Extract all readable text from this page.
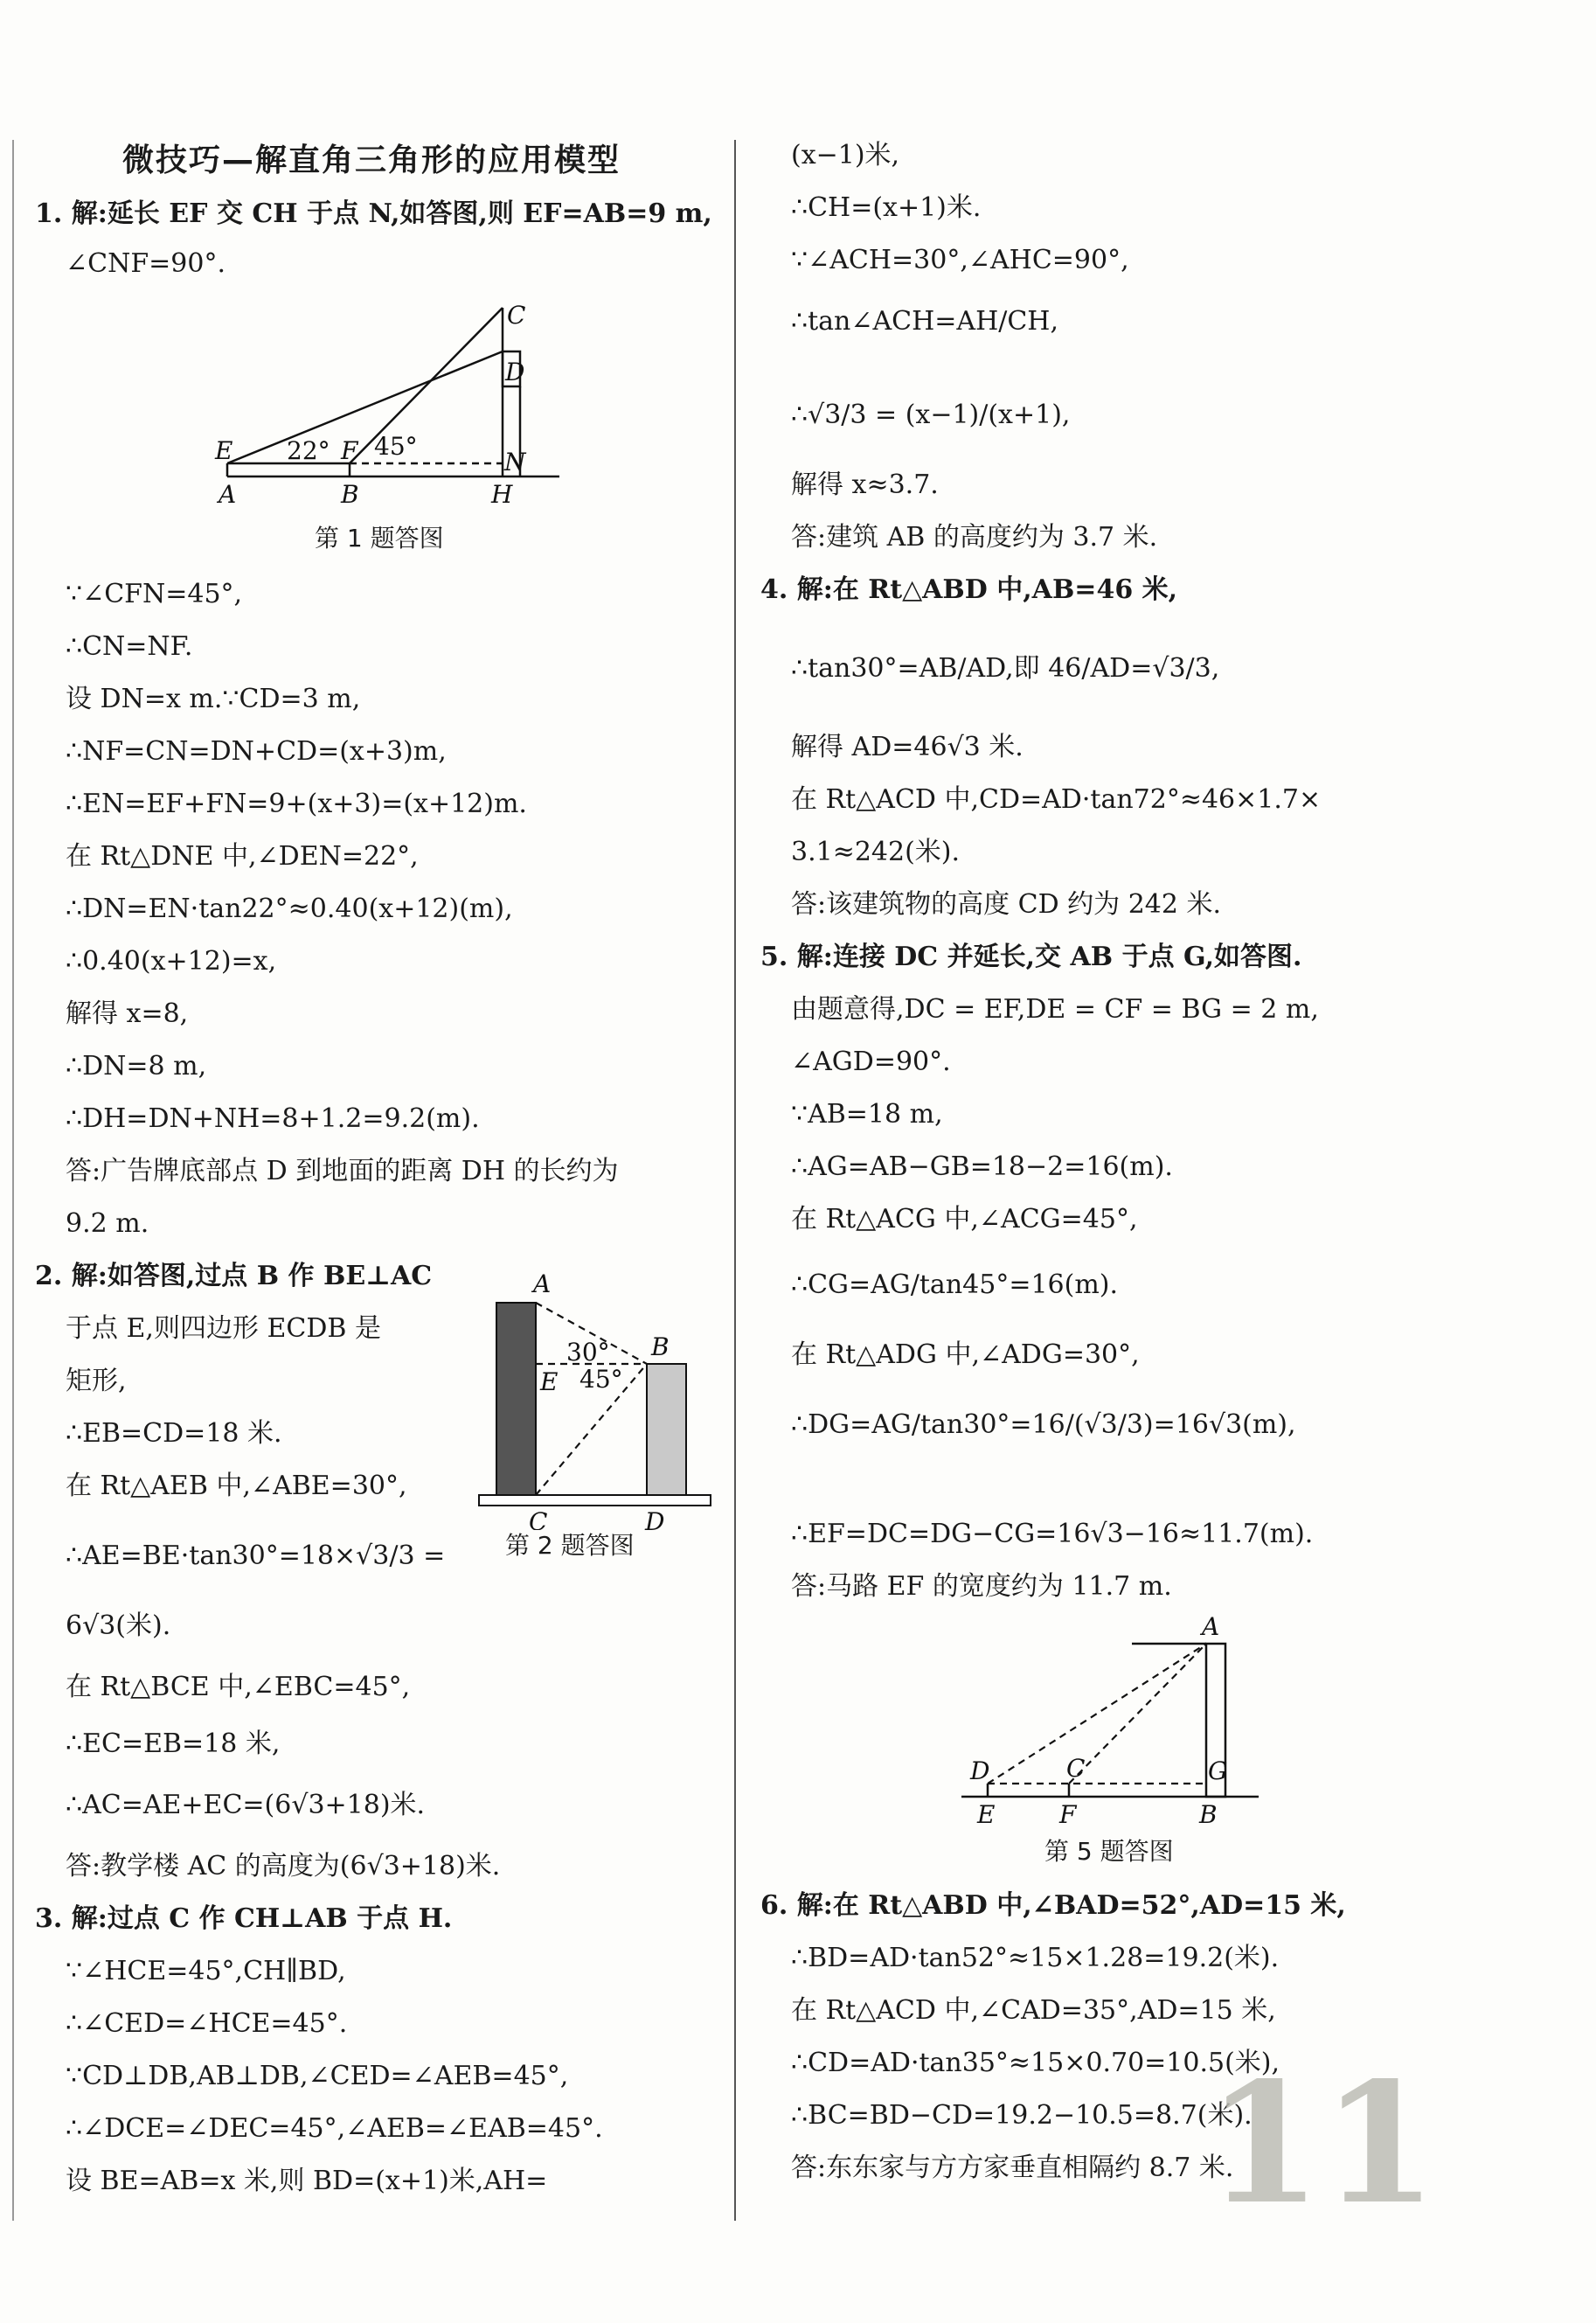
微技巧—解直角三角形的应用模型
1. 解:延长 EF 交 CH 于点 N,如答图,则 EF=AB=9 m,
∠CNF=90°.
∵∠CFN=45°,
∴CN=NF.
设 DN=x m.∵CD=3 m,
∴NF=CN=DN+CD=(x+3)m,
∴EN=EF+FN=9+(x+3)=(x+12)m.
在 Rt△DNE 中,∠DEN=22°,
∴DN=EN·tan22°≈0.40(x+12)(m),
∴0.40(x+12)=x,
解得 x=8,
∴DN=8 m,
∴DH=DN+NH=8+1.2=9.2(m).
答:广告牌底部点 D 到地面的距离 DH 的长约为
9.2 m.
2. 解:如答图,过点 B 作 BE⊥AC
于点 E,则四边形 ECDB 是
矩形,
∴EB=CD=18 米.
在 Rt△AEB 中,∠ABE=30°,
∴AE=BE·tan30°=18×√3/3 =
6√3(米).
在 Rt△BCE 中,∠EBC=45°,
∴EC=EB=18 米,
∴AC=AE+EC=(6√3+18)米.
答:教学楼 AC 的高度为(6√3+18)米.
3. 解:过点 C 作 CH⊥AB 于点 H.
∵∠HCE=45°,CH∥BD,
∴∠CED=∠HCE=45°.
∵CD⊥DB,AB⊥DB,∠CED=∠AEB=45°,
∴∠DCE=∠DEC=45°,∠AEB=∠EAB=45°.
设 BE=AB=x 米,则 BD=(x+1)米,AH=
(x−1)米,
∴CH=(x+1)米.
∵∠ACH=30°,∠AHC=90°,
∴tan∠ACH=AH/CH,
∴√3/3 = (x−1)/(x+1),
解得 x≈3.7.
答:建筑 AB 的高度约为 3.7 米.
4. 解:在 Rt△ABD 中,AB=46 米,
∴tan30°=AB/AD,即 46/AD=√3/3,
解得 AD=46√3 米.
在 Rt△ACD 中,CD=AD·tan72°≈46×1.7×
3.1≈242(米).
答:该建筑物的高度 CD 约为 242 米.
5. 解:连接 DC 并延长,交 AB 于点 G,如答图.
由题意得,DC = EF,DE = CF = BG = 2 m,
∠AGD=90°.
∵AB=18 m,
∴AG=AB−GB=18−2=16(m).
在 Rt△ACG 中,∠ACG=45°,
∴CG=AG/tan45°=16(m).
在 Rt△ADG 中,∠ADG=30°,
∴DG=AG/tan30°=16/(√3/3)=16√3(m),
∴EF=DC=DG−CG=16√3−16≈11.7(m).
答:马路 EF 的宽度约为 11.7 m.
6. 解:在 Rt△ABD 中,∠BAD=52°,AD=15 米,
∴BD=AD·tan52°≈15×1.28=19.2(米).
在 Rt△ACD 中,∠CAD=35°,AD=15 米,
∴CD=AD·tan35°≈15×0.70=10.5(米),
∴BC=BD−CD=19.2−10.5=8.7(米).
答:东东家与方方家垂直相隔约 8.7 米.
C
D
E 22° F 45°
N
A	B	H
第 1 题答图
A
30° B
E 45°
C	D
第 2 题答图
A
D	C	G
E	F	B
第 5 题答图
11
